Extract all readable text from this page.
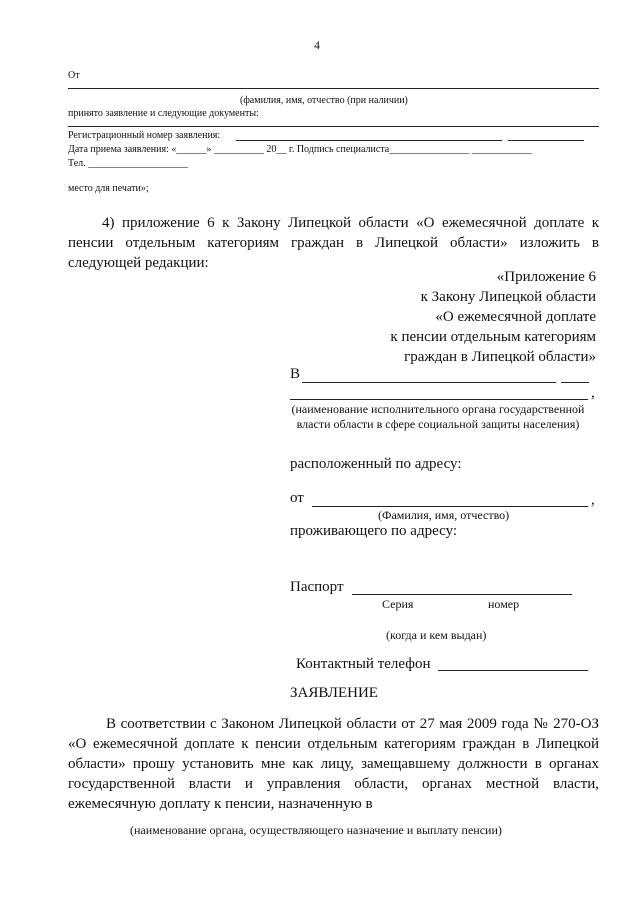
4
От
(фамилия, имя, отчество (при наличии)
принято заявление и следующие документы:
Регистрационный номер заявления:
Дата приема заявления: «______» __________ 20__ г. Подпись специалиста________________ ____________
Тел. ____________________
место для печати»;
4) приложение 6 к Закону Липецкой области «О ежемесячной доплате к
пенсии отдельным категориям граждан в Липецкой области» изложить в
следующей редакции:
«Приложение 6
к Закону Липецкой области
«О ежемесячной доплате
к пенсии отдельным категориям
граждан в Липецкой области»
В
,
(наименование исполнительного органа государственной власти области в сфере социальной защиты населения)
расположенный по адресу:
от	,
(Фамилия, имя, отчество)
проживающего по адресу:
Паспорт
Серия	номер
(когда и кем выдан)
Контактный телефон
ЗАЯВЛЕНИЕ
В соответствии с Законом Липецкой области от 27 мая 2009 года № 270-ОЗ
«О ежемесячной доплате к пенсии отдельным категориям граждан в Липецкой
области» прошу установить мне как лицу, замещавшему должности в органах
государственной власти и управления области, органах местной власти,
ежемесячную доплату к пенсии, назначенную в
(наименование органа, осуществляющего назначение и выплату пенсии)
